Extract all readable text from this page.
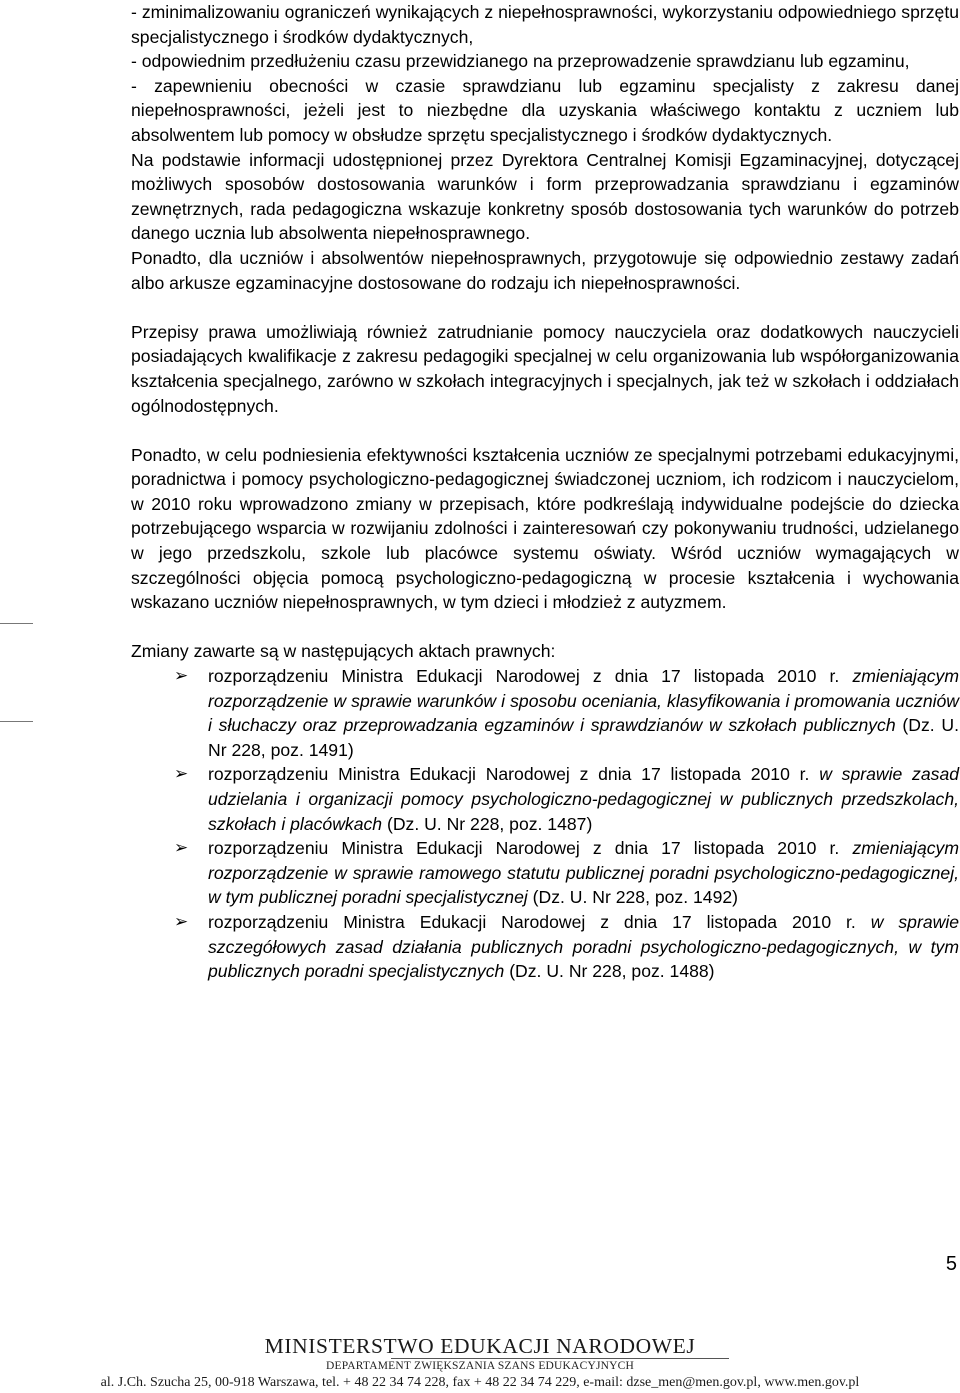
- zminimalizowaniu ograniczeń wynikających z niepełnosprawności, wykorzystaniu odpowiedniego sprzętu specjalistycznego i środków dydaktycznych,

- odpowiednim przedłużeniu czasu przewidzianego na przeprowadzenie sprawdzianu lub egzaminu,

- zapewnieniu obecności w czasie sprawdzianu lub egzaminu specjalisty z zakresu danej niepełnosprawności, jeżeli jest to niezbędne dla uzyskania właściwego kontaktu z uczniem lub absolwentem lub pomocy w obsłudze sprzętu specjalistycznego i środków dydaktycznych.

Na podstawie informacji udostępnionej przez Dyrektora Centralnej Komisji Egzaminacyjnej, dotyczącej możliwych sposobów dostosowania warunków i form przeprowadzania sprawdzianu i egzaminów zewnętrznych, rada pedagogiczna wskazuje konkretny sposób dostosowania tych warunków do potrzeb danego ucznia lub absolwenta niepełnosprawnego.

Ponadto, dla uczniów i absolwentów niepełnosprawnych, przygotowuje się odpowiednio zestawy zadań albo arkusze egzaminacyjne dostosowane do rodzaju ich niepełnosprawności.

Przepisy prawa umożliwiają również zatrudnianie pomocy nauczyciela oraz dodatkowych nauczycieli posiadających kwalifikacje z zakresu pedagogiki specjalnej w celu organizowania lub współorganizowania kształcenia specjalnego, zarówno w szkołach integracyjnych i specjalnych, jak też w szkołach i oddziałach ogólnodostępnych.

Ponadto, w celu podniesienia efektywności kształcenia uczniów ze specjalnymi potrzebami edukacyjnymi, poradnictwa i pomocy psychologiczno-pedagogicznej świadczonej uczniom, ich rodzicom i nauczycielom, w 2010 roku wprowadzono zmiany w przepisach, które podkreślają indywidualne podejście do dziecka potrzebującego wsparcia w rozwijaniu zdolności i zainteresowań czy pokonywaniu trudności, udzielanego w jego przedszkolu, szkole lub placówce systemu oświaty. Wśród uczniów wymagających w szczególności objęcia pomocą psychologiczno-pedagogiczną w procesie kształcenia i wychowania wskazano uczniów niepełnosprawnych, w tym dzieci i młodzież z autyzmem.

Zmiany zawarte są w następujących aktach prawnych:

➢ rozporządzeniu Ministra Edukacji Narodowej z dnia 17 listopada 2010 r. zmieniającym rozporządzenie w sprawie warunków i sposobu oceniania, klasyfikowania i promowania uczniów i słuchaczy oraz przeprowadzania egzaminów i sprawdzianów w szkołach publicznych (Dz. U. Nr 228, poz. 1491)
➢ rozporządzeniu Ministra Edukacji Narodowej z dnia 17 listopada 2010 r. w sprawie zasad udzielania i organizacji pomocy psychologiczno-pedagogicznej w publicznych przedszkolach, szkołach i placówkach (Dz. U. Nr 228, poz. 1487)
➢ rozporządzeniu Ministra Edukacji Narodowej z dnia 17 listopada 2010 r. zmieniającym rozporządzenie w sprawie ramowego statutu publicznej poradni psychologiczno-pedagogicznej, w tym publicznej poradni specjalistycznej (Dz. U. Nr 228, poz. 1492)
➢ rozporządzeniu Ministra Edukacji Narodowej z dnia 17 listopada 2010 r. w sprawie szczegółowych zasad działania publicznych poradni psychologiczno-pedagogicznych, w tym publicznych poradni specjalistycznych (Dz. U. Nr 228, poz. 1488)
5
MINISTERSTWO EDUKACJI NARODOWEJ
DEPARTAMENT ZWIĘKSZANIA SZANS EDUKACYJNYCH
al. J.Ch. Szucha 25, 00-918 Warszawa, tel. + 48 22 34 74 228, fax + 48 22 34 74 229, e-mail: dzse_men@men.gov.pl, www.men.gov.pl
